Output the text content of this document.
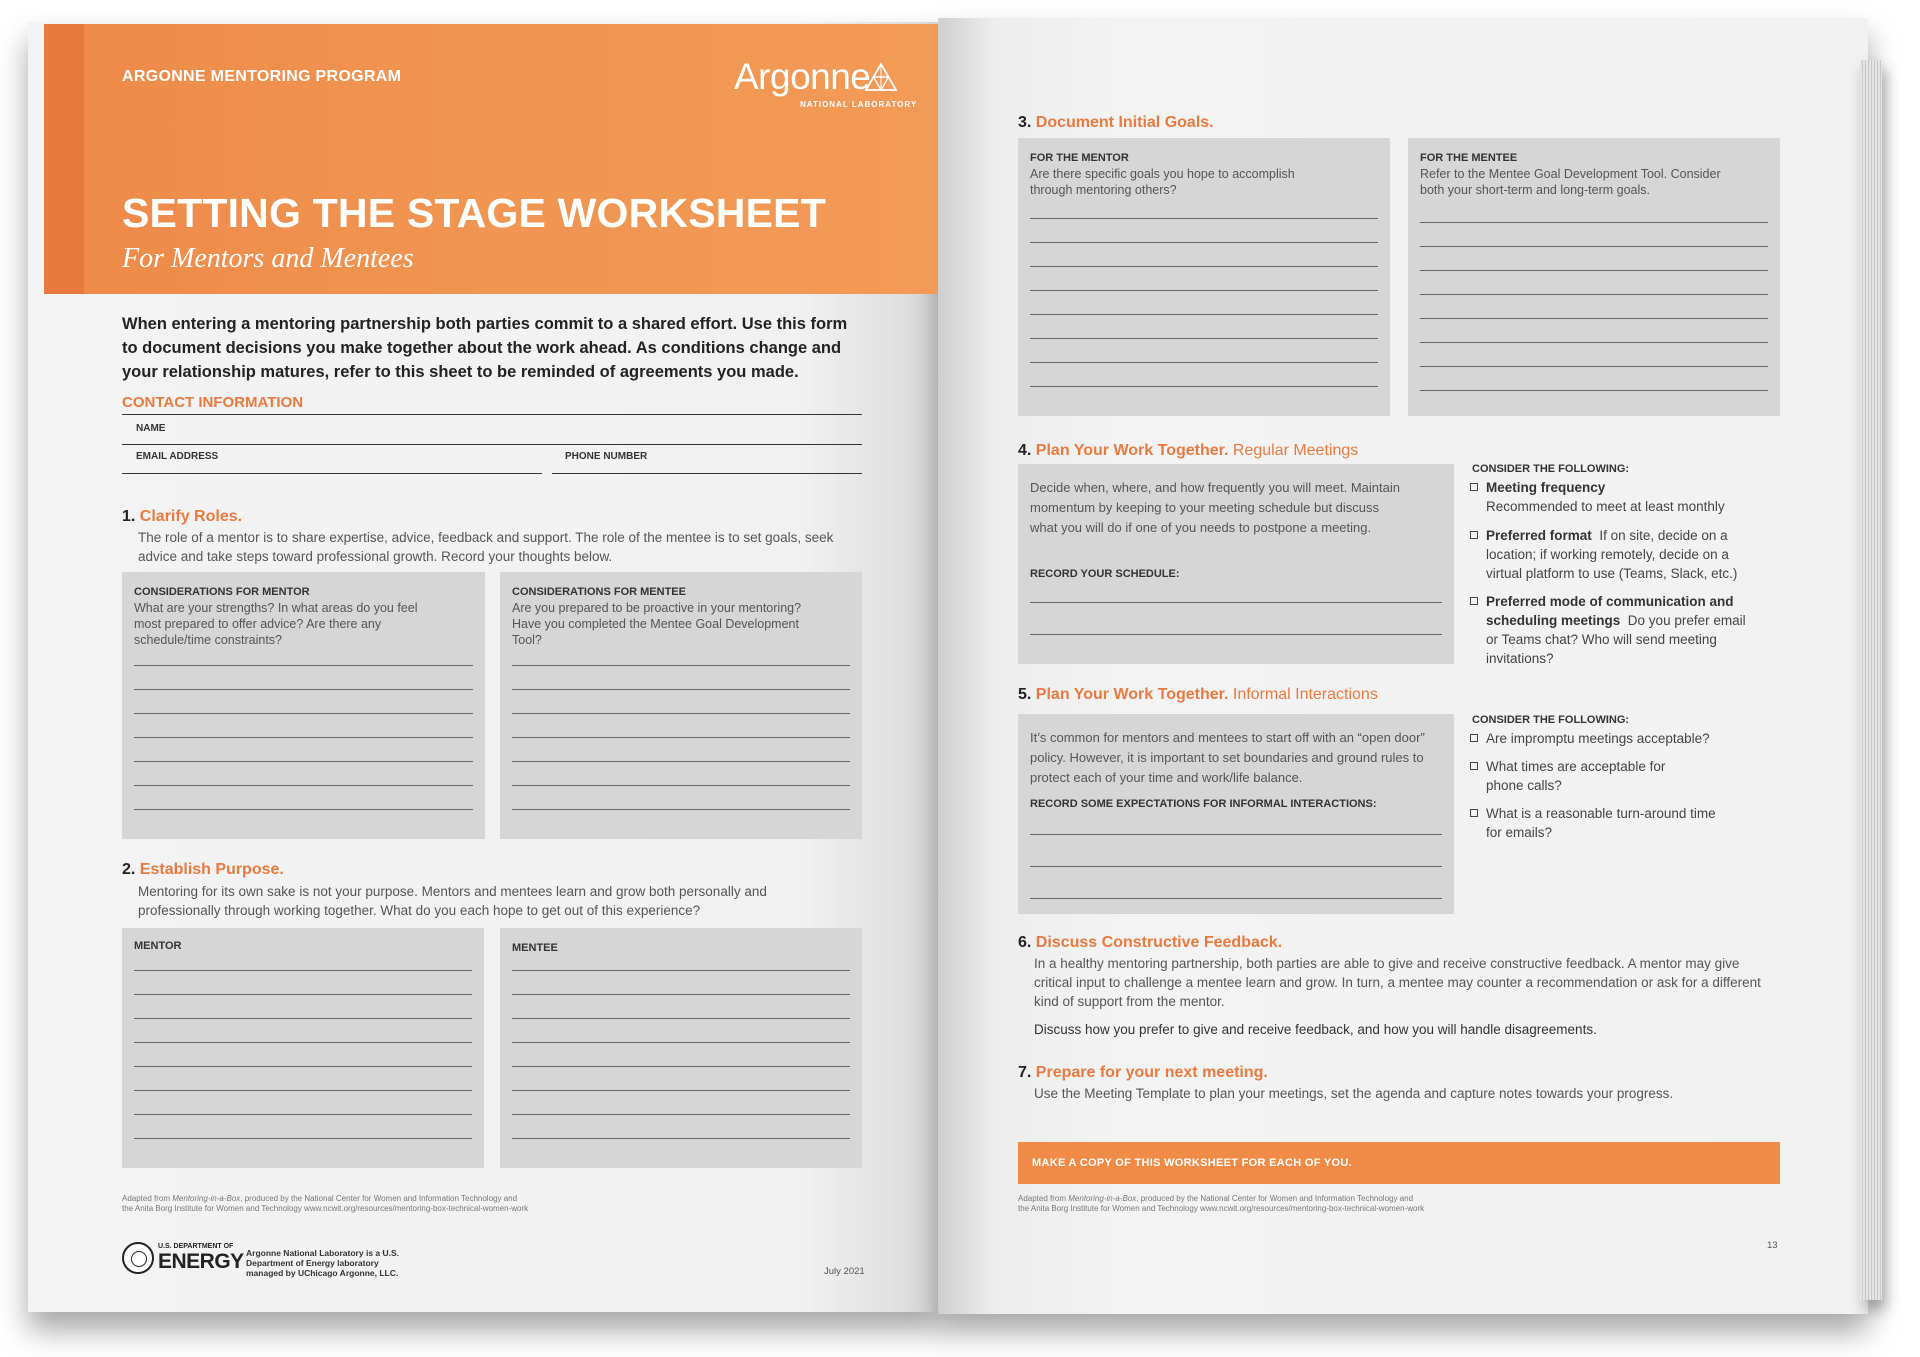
ARGONNE MENTORING PROGRAM	Argonne
NATIONAL LABORATORY
SETTING THE STAGE WORKSHEET
For Mentors and Mentees
When entering a mentoring partnership both parties commit to a shared effort. Use this form to document decisions you make together about the work ahead. As conditions change and your relationship matures, refer to this sheet to be reminded of agreements you made.
CONTACT INFORMATION
NAME
EMAIL ADDRESS	PHONE NUMBER
1. Clarify Roles.
The role of a mentor is to share expertise, advice, feedback and support. The role of the mentee is to set goals, seek advice and take steps toward professional growth. Record your thoughts below.
CONSIDERATIONS FOR MENTOR
What are your strengths? In what areas do you feel most prepared to offer advice? Are there any schedule/time constraints?
CONSIDERATIONS FOR MENTEE
Are you prepared to be proactive in your mentoring? Have you completed the Mentee Goal Development Tool?
2. Establish Purpose.
Mentoring for its own sake is not your purpose. Mentors and mentees learn and grow both personally and professionally through working together. What do you each hope to get out of this experience?
MENTOR	MENTEE
Adapted from Mentoring-in-a-Box, produced by the National Center for Women and Information Technology and
the Anita Borg Institute for Women and Technology www.ncwit.org/resources/mentoring-box-technical-women-work
U.S. DEPARTMENT OF
ENERGY Argonne National Laboratory is a U.S. Department of Energy laboratory managed by UChicago Argonne, LLC.	July 2021
3. Document Initial Goals.
FOR THE MENTOR
Are there specific goals you hope to accomplish through mentoring others?
FOR THE MENTEE
Refer to the Mentee Goal Development Tool. Consider both your short-term and long-term goals.
4. Plan Your Work Together. Regular Meetings
Decide when, where, and how frequently you will meet. Maintain momentum by keeping to your meeting schedule but discuss what you will do if one of you needs to postpone a meeting.
RECORD YOUR SCHEDULE:
CONSIDER THE FOLLOWING:
Meeting frequency
Recommended to meet at least monthly
Preferred format If on site, decide on a location; if working remotely, decide on a virtual platform to use (Teams, Slack, etc.)
Preferred mode of communication and scheduling meetings Do you prefer email or Teams chat? Who will send meeting invitations?
5. Plan Your Work Together. Informal Interactions
It’s common for mentors and mentees to start off with an “open door” policy. However, it is important to set boundaries and ground rules to protect each of your time and work/life balance.
RECORD SOME EXPECTATIONS FOR INFORMAL INTERACTIONS:
CONSIDER THE FOLLOWING:
Are impromptu meetings acceptable?
What times are acceptable for phone calls?
What is a reasonable turn-around time for emails?
6. Discuss Constructive Feedback.
In a healthy mentoring partnership, both parties are able to give and receive constructive feedback. A mentor may give critical input to challenge a mentee learn and grow. In turn, a mentee may counter a recommendation or ask for a different kind of support from the mentor.
Discuss how you prefer to give and receive feedback, and how you will handle disagreements.
7. Prepare for your next meeting.
Use the Meeting Template to plan your meetings, set the agenda and capture notes towards your progress.
MAKE A COPY OF THIS WORKSHEET FOR EACH OF YOU.
Adapted from Mentoring-in-a-Box, produced by the National Center for Women and Information Technology and
the Anita Borg Institute for Women and Technology www.ncwit.org/resources/mentoring-box-technical-women-work
13
